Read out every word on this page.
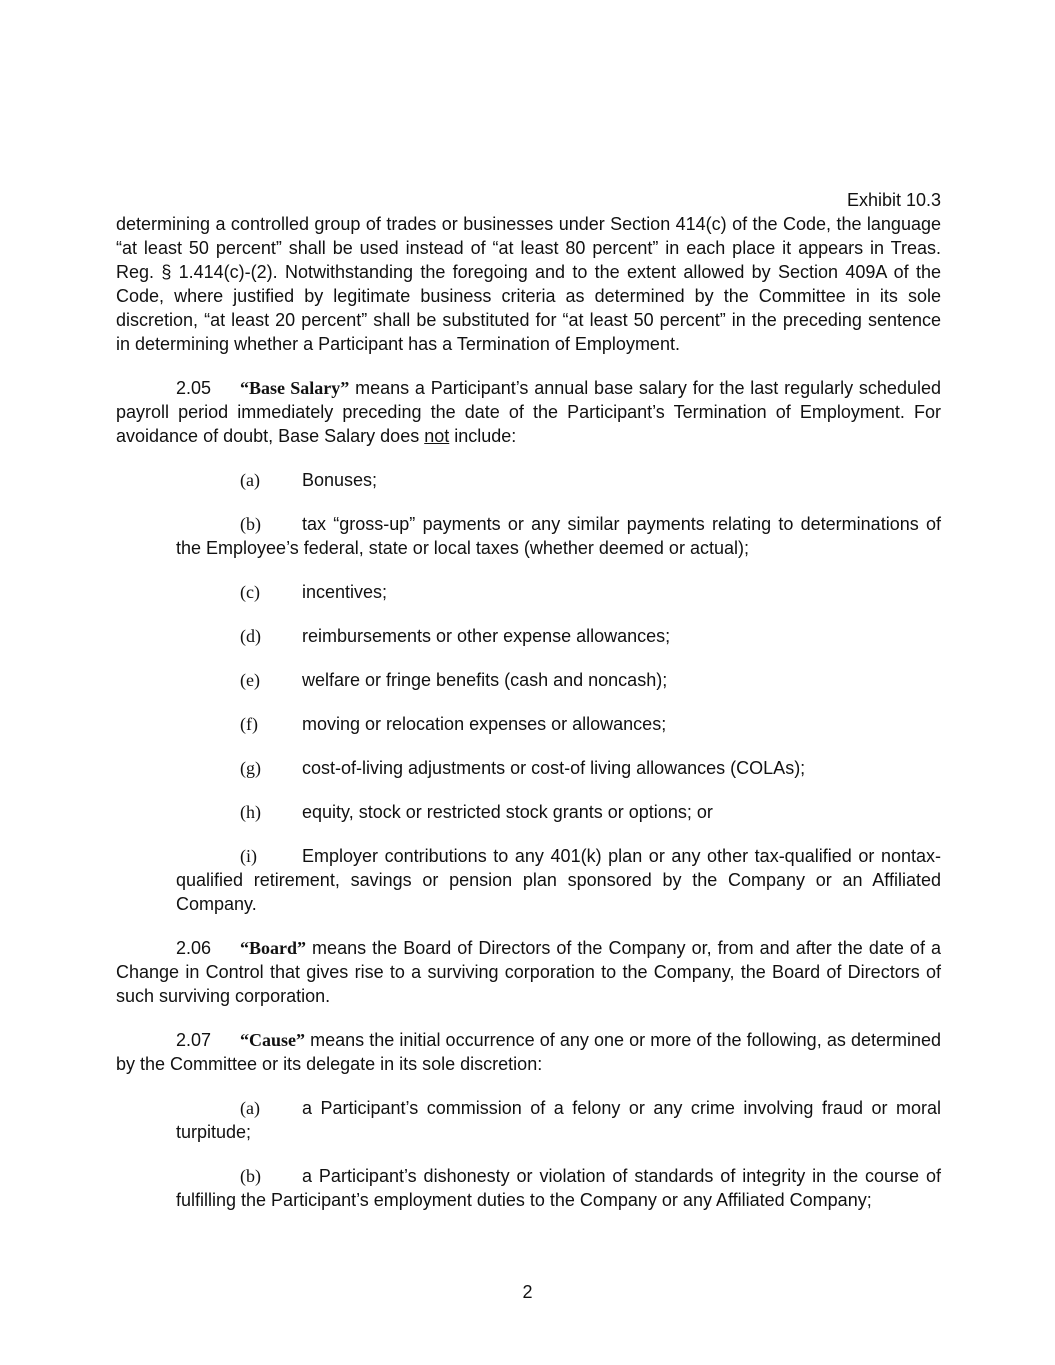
Exhibit 10.3

determining a controlled group of trades or businesses under Section 414(c) of the Code, the language “at least 50 percent” shall be used instead of “at least 80 percent” in each place it appears in Treas. Reg. § 1.414(c)-(2). Notwithstanding the foregoing and to the extent allowed by Section 409A of the Code, where justified by legitimate business criteria as determined by the Committee in its sole discretion, “at least 20 percent” shall be substituted for “at least 50 percent” in the preceding sentence in determining whether a Participant has a Termination of Employment.

2.05 “Base Salary” means a Participant’s annual base salary for the last regularly scheduled payroll period immediately preceding the date of the Participant’s Termination of Employment. For avoidance of doubt, Base Salary does not include:

(a) Bonuses;

(b) tax “gross-up” payments or any similar payments relating to determinations of the Employee’s federal, state or local taxes (whether deemed or actual);

(c) incentives;

(d) reimbursements or other expense allowances;

(e) welfare or fringe benefits (cash and noncash);

(f) moving or relocation expenses or allowances;

(g) cost-of-living adjustments or cost-of living allowances (COLAs);

(h) equity, stock or restricted stock grants or options; or

(i)	Employer contributions to any 401(k) plan or any other tax-qualified or nontax-qualified retirement, savings or pension plan sponsored by the Company or an Affiliated Company.

2.06 “Board” means the Board of Directors of the Company or, from and after the date of a Change in Control that gives rise to a surviving corporation to the Company, the Board of Directors of such surviving corporation.

2.07 “Cause” means the initial occurrence of any one or more of the following, as determined by the Committee or its delegate in its sole discretion:

(a) a Participant’s commission of a felony or any crime involving fraud or moral turpitude;

(b) a Participant’s dishonesty or violation of standards of integrity in the course of fulfilling the Participant’s employment duties to the Company or any Affiliated Company;

2
